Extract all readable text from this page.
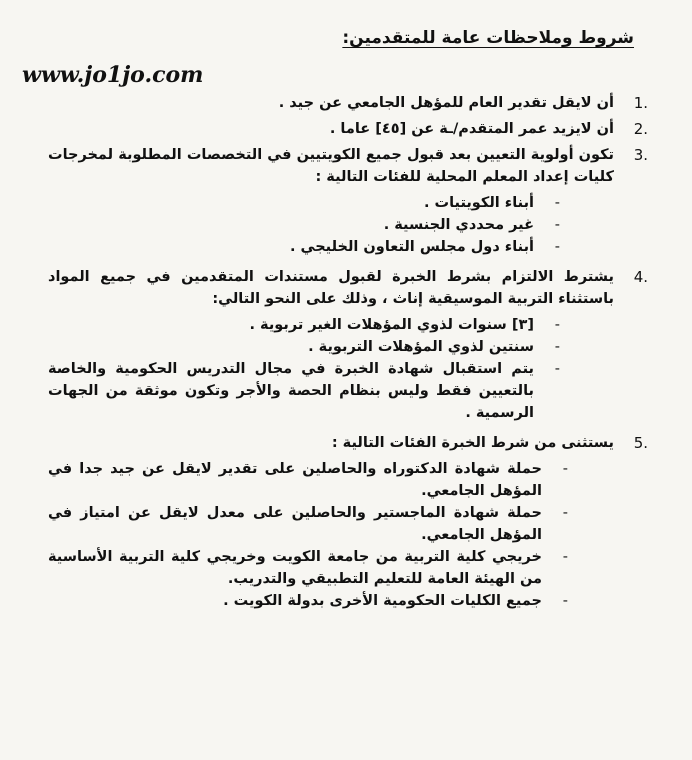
شروط وملاحظات عامة للمتقدمين:
www.jo1jo.com
1.
أن لايقل تقدير العام للمؤهل الجامعي عن جيد .
2.
أن لايزيد عمر المتقدم/ـة عن [٤٥] عاما .
3.
تكون أولوية التعيين بعد قبول جميع الكويتيين في التخصصات المطلوبة لمخرجات كليات إعداد المعلم المحلية للفئات التالية :
-
أبناء الكويتيات .
-
غير محددي الجنسية .
-
أبناء دول مجلس التعاون الخليجي .
4.
يشترط الالتزام بشرط الخبرة لقبول مستندات المتقدمين في جميع المواد باستثناء التربية الموسيقية إناث ، وذلك على النحو التالي:
-
[٣] سنوات لذوي المؤهلات الغير تربوية .
-
سنتين لذوي المؤهلات التربوية .
-
يتم استقبال شهادة الخبرة في مجال التدريس الحكومية والخاصة بالتعيين فقط وليس بنظام الحصة والأجر وتكون موثقة من الجهات الرسمية .
5.
يستثنى من شرط الخبرة الفئات التالية :
-
حملة شهادة الدكتوراه والحاصلين على تقدير لايقل عن جيد جدا في المؤهل الجامعي.
-
حملة شهادة الماجستير والحاصلين على معدل لايقل عن امتياز في المؤهل الجامعي.
-
خريجي كلية التربية من جامعة الكويت وخريجي كلية التربية الأساسية من الهيئة العامة للتعليم التطبيقي والتدريب.
-
جميع الكليات الحكومية الأخرى بدولة الكويت .
